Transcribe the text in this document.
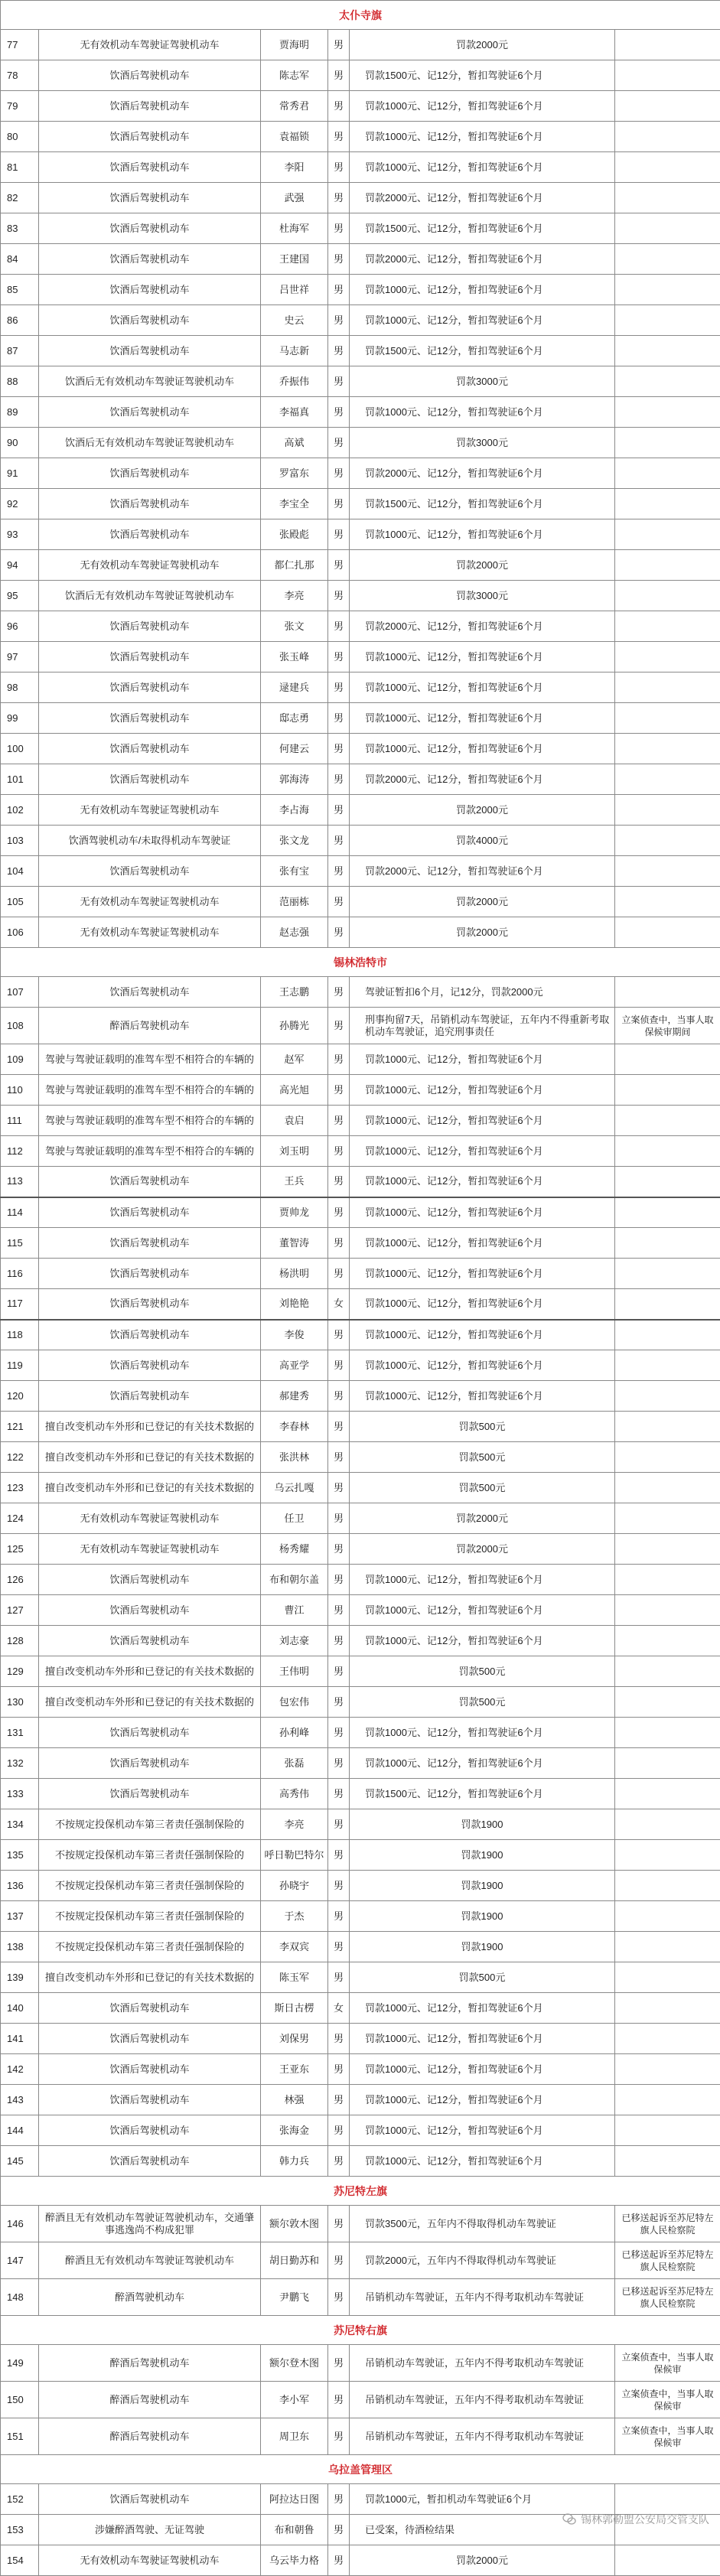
太仆寺旗					
77	无有效机动车驾驶证驾驶机动车	贾海明	男	罚款2000元	
78	饮酒后驾驶机动车	陈志军	男	罚款1500元、记12分，暂扣驾驶证6个月	
79	饮酒后驾驶机动车	常秀君	男	罚款1000元、记12分，暂扣驾驶证6个月	
80	饮酒后驾驶机动车	袁福锁	男	罚款1000元、记12分，暂扣驾驶证6个月	
81	饮酒后驾驶机动车	李阳	男	罚款1000元、记12分，暂扣驾驶证6个月	
82	饮酒后驾驶机动车	武强	男	罚款2000元、记12分，暂扣驾驶证6个月	
83	饮酒后驾驶机动车	杜海军	男	罚款1500元、记12分，暂扣驾驶证6个月	
84	饮酒后驾驶机动车	王建国	男	罚款2000元、记12分，暂扣驾驶证6个月	
85	饮酒后驾驶机动车	吕世祥	男	罚款1000元、记12分，暂扣驾驶证6个月	
86	饮酒后驾驶机动车	史云	男	罚款1000元、记12分，暂扣驾驶证6个月	
87	饮酒后驾驶机动车	马志新	男	罚款1500元、记12分，暂扣驾驶证6个月	
88	饮酒后无有效机动车驾驶证驾驶机动车	乔振伟	男	罚款3000元	
89	饮酒后驾驶机动车	李福真	男	罚款1000元、记12分，暂扣驾驶证6个月	
90	饮酒后无有效机动车驾驶证驾驶机动车	高斌	男	罚款3000元	
91	饮酒后驾驶机动车	罗富东	男	罚款2000元、记12分，暂扣驾驶证6个月	
92	饮酒后驾驶机动车	李宝全	男	罚款1500元、记12分，暂扣驾驶证6个月	
93	饮酒后驾驶机动车	张殿彪	男	罚款1000元、记12分，暂扣驾驶证6个月	
94	无有效机动车驾驶证驾驶机动车	都仁扎那	男	罚款2000元	
95	饮酒后无有效机动车驾驶证驾驶机动车	李亮	男	罚款3000元	
96	饮酒后驾驶机动车	张文	男	罚款2000元、记12分，暂扣驾驶证6个月	
97	饮酒后驾驶机动车	张玉峰	男	罚款1000元、记12分，暂扣驾驶证6个月	
98	饮酒后驾驶机动车	逯建兵	男	罚款1000元、记12分，暂扣驾驶证6个月	
99	饮酒后驾驶机动车	邸志勇	男	罚款1000元、记12分，暂扣驾驶证6个月	
100	饮酒后驾驶机动车	何建云	男	罚款1000元、记12分，暂扣驾驶证6个月	
101	饮酒后驾驶机动车	郭海涛	男	罚款2000元、记12分，暂扣驾驶证6个月	
102	无有效机动车驾驶证驾驶机动车	李占海	男	罚款2000元	
103	饮酒驾驶机动车/未取得机动车驾驶证	张文龙	男	罚款4000元	
104	饮酒后驾驶机动车	张有宝	男	罚款2000元、记12分，暂扣驾驶证6个月	
105	无有效机动车驾驶证驾驶机动车	范丽栋	男	罚款2000元	
106	无有效机动车驾驶证驾驶机动车	赵志强	男	罚款2000元	
锡林浩特市					
107	饮酒后驾驶机动车	王志鹏	男	驾驶证暂扣6个月，记12分，罚款2000元	
108	醉酒后驾驶机动车	孙腾光	男	刑事拘留7天，吊销机动车驾驶证，五年内不得重新考取机动车驾驶证，追究刑事责任	立案侦查中，当事人取保候审期间
109	驾驶与驾驶证载明的准驾车型不相符合的车辆的	赵军	男	罚款1000元、记12分，暂扣驾驶证6个月	
110	驾驶与驾驶证载明的准驾车型不相符合的车辆的	高光旭	男	罚款1000元、记12分，暂扣驾驶证6个月	
111	驾驶与驾驶证载明的准驾车型不相符合的车辆的	袁启	男	罚款1000元、记12分，暂扣驾驶证6个月	
112	驾驶与驾驶证载明的准驾车型不相符合的车辆的	刘玉明	男	罚款1000元、记12分，暂扣驾驶证6个月	
113	饮酒后驾驶机动车	王兵	男	罚款1000元、记12分，暂扣驾驶证6个月	
114	饮酒后驾驶机动车	贾帅龙	男	罚款1000元、记12分，暂扣驾驶证6个月	
115	饮酒后驾驶机动车	董智涛	男	罚款1000元、记12分，暂扣驾驶证6个月	
116	饮酒后驾驶机动车	杨洪明	男	罚款1000元、记12分，暂扣驾驶证6个月	
117	饮酒后驾驶机动车	刘艳艳	女	罚款1000元、记12分，暂扣驾驶证6个月	
118	饮酒后驾驶机动车	李俊	男	罚款1000元、记12分，暂扣驾驶证6个月	
119	饮酒后驾驶机动车	高亚学	男	罚款1000元、记12分，暂扣驾驶证6个月	
120	饮酒后驾驶机动车	郝建秀	男	罚款1000元、记12分，暂扣驾驶证6个月	
121	擅自改变机动车外形和已登记的有关技术数据的	李春林	男	罚款500元	
122	擅自改变机动车外形和已登记的有关技术数据的	张洪林	男	罚款500元	
123	擅自改变机动车外形和已登记的有关技术数据的	乌云扎嘎	男	罚款500元	
124	无有效机动车驾驶证驾驶机动车	任卫	男	罚款2000元	
125	无有效机动车驾驶证驾驶机动车	杨秀耀	男	罚款2000元	
126	饮酒后驾驶机动车	布和朝尔盖	男	罚款1000元、记12分，暂扣驾驶证6个月	
127	饮酒后驾驶机动车	曹江	男	罚款1000元、记12分，暂扣驾驶证6个月	
128	饮酒后驾驶机动车	刘志豪	男	罚款1000元、记12分，暂扣驾驶证6个月	
129	擅自改变机动车外形和已登记的有关技术数据的	王伟明	男	罚款500元	
130	擅自改变机动车外形和已登记的有关技术数据的	包宏伟	男	罚款500元	
131	饮酒后驾驶机动车	孙利峰	男	罚款1000元、记12分，暂扣驾驶证6个月	
132	饮酒后驾驶机动车	张磊	男	罚款1000元、记12分，暂扣驾驶证6个月	
133	饮酒后驾驶机动车	高秀伟	男	罚款1500元、记12分，暂扣驾驶证6个月	
134	不按规定投保机动车第三者责任强制保险的	李亮	男	罚款1900	
135	不按规定投保机动车第三者责任强制保险的	呼日勒巴特尔	男	罚款1900	
136	不按规定投保机动车第三者责任强制保险的	孙晓宇	男	罚款1900	
137	不按规定投保机动车第三者责任强制保险的	于杰	男	罚款1900	
138	不按规定投保机动车第三者责任强制保险的	李双宾	男	罚款1900	
139	擅自改变机动车外形和已登记的有关技术数据的	陈玉军	男	罚款500元	
140	饮酒后驾驶机动车	斯日古楞	女	罚款1000元、记12分，暂扣驾驶证6个月	
141	饮酒后驾驶机动车	刘保男	男	罚款1000元、记12分，暂扣驾驶证6个月	
142	饮酒后驾驶机动车	王亚东	男	罚款1000元、记12分，暂扣驾驶证6个月	
143	饮酒后驾驶机动车	林强	男	罚款1000元、记12分，暂扣驾驶证6个月	
144	饮酒后驾驶机动车	张海金	男	罚款1000元、记12分，暂扣驾驶证6个月	
145	饮酒后驾驶机动车	韩力兵	男	罚款1000元、记12分，暂扣驾驶证6个月	
苏尼特左旗					
146	醉酒且无有效机动车驾驶证驾驶机动车，交通肇事逃逸尚不构成犯罪	额尔敦木图	男	罚款3500元，五年内不得取得机动车驾驶证	已移送起诉至苏尼特左旗人民检察院
147	醉酒且无有效机动车驾驶证驾驶机动车	胡日勤苏和	男	罚款2000元，五年内不得取得机动车驾驶证	已移送起诉至苏尼特左旗人民检察院
148	醉酒驾驶机动车	尹鹏飞	男	吊销机动车驾驶证，五年内不得考取机动车驾驶证	已移送起诉至苏尼特左旗人民检察院
苏尼特右旗					
149	醉酒后驾驶机动车	额尔登木图	男	吊销机动车驾驶证，五年内不得考取机动车驾驶证	立案侦查中，当事人取保候审
150	醉酒后驾驶机动车	李小军	男	吊销机动车驾驶证，五年内不得考取机动车驾驶证	立案侦查中，当事人取保候审
151	醉酒后驾驶机动车	周卫东	男	吊销机动车驾驶证，五年内不得考取机动车驾驶证	立案侦查中，当事人取保候审
乌拉盖管理区					
152	饮酒后驾驶机动车	阿拉达日图	男	罚款1000元，暂扣机动车驾驶证6个月	
153	涉嫌醉酒驾驶、无证驾驶	布和朝鲁	男	已受案，待酒检结果	
154	无有效机动车驾驶证驾驶机动车	乌云毕力格	男	罚款2000元	
锡林郭勒盟公安局交管支队
